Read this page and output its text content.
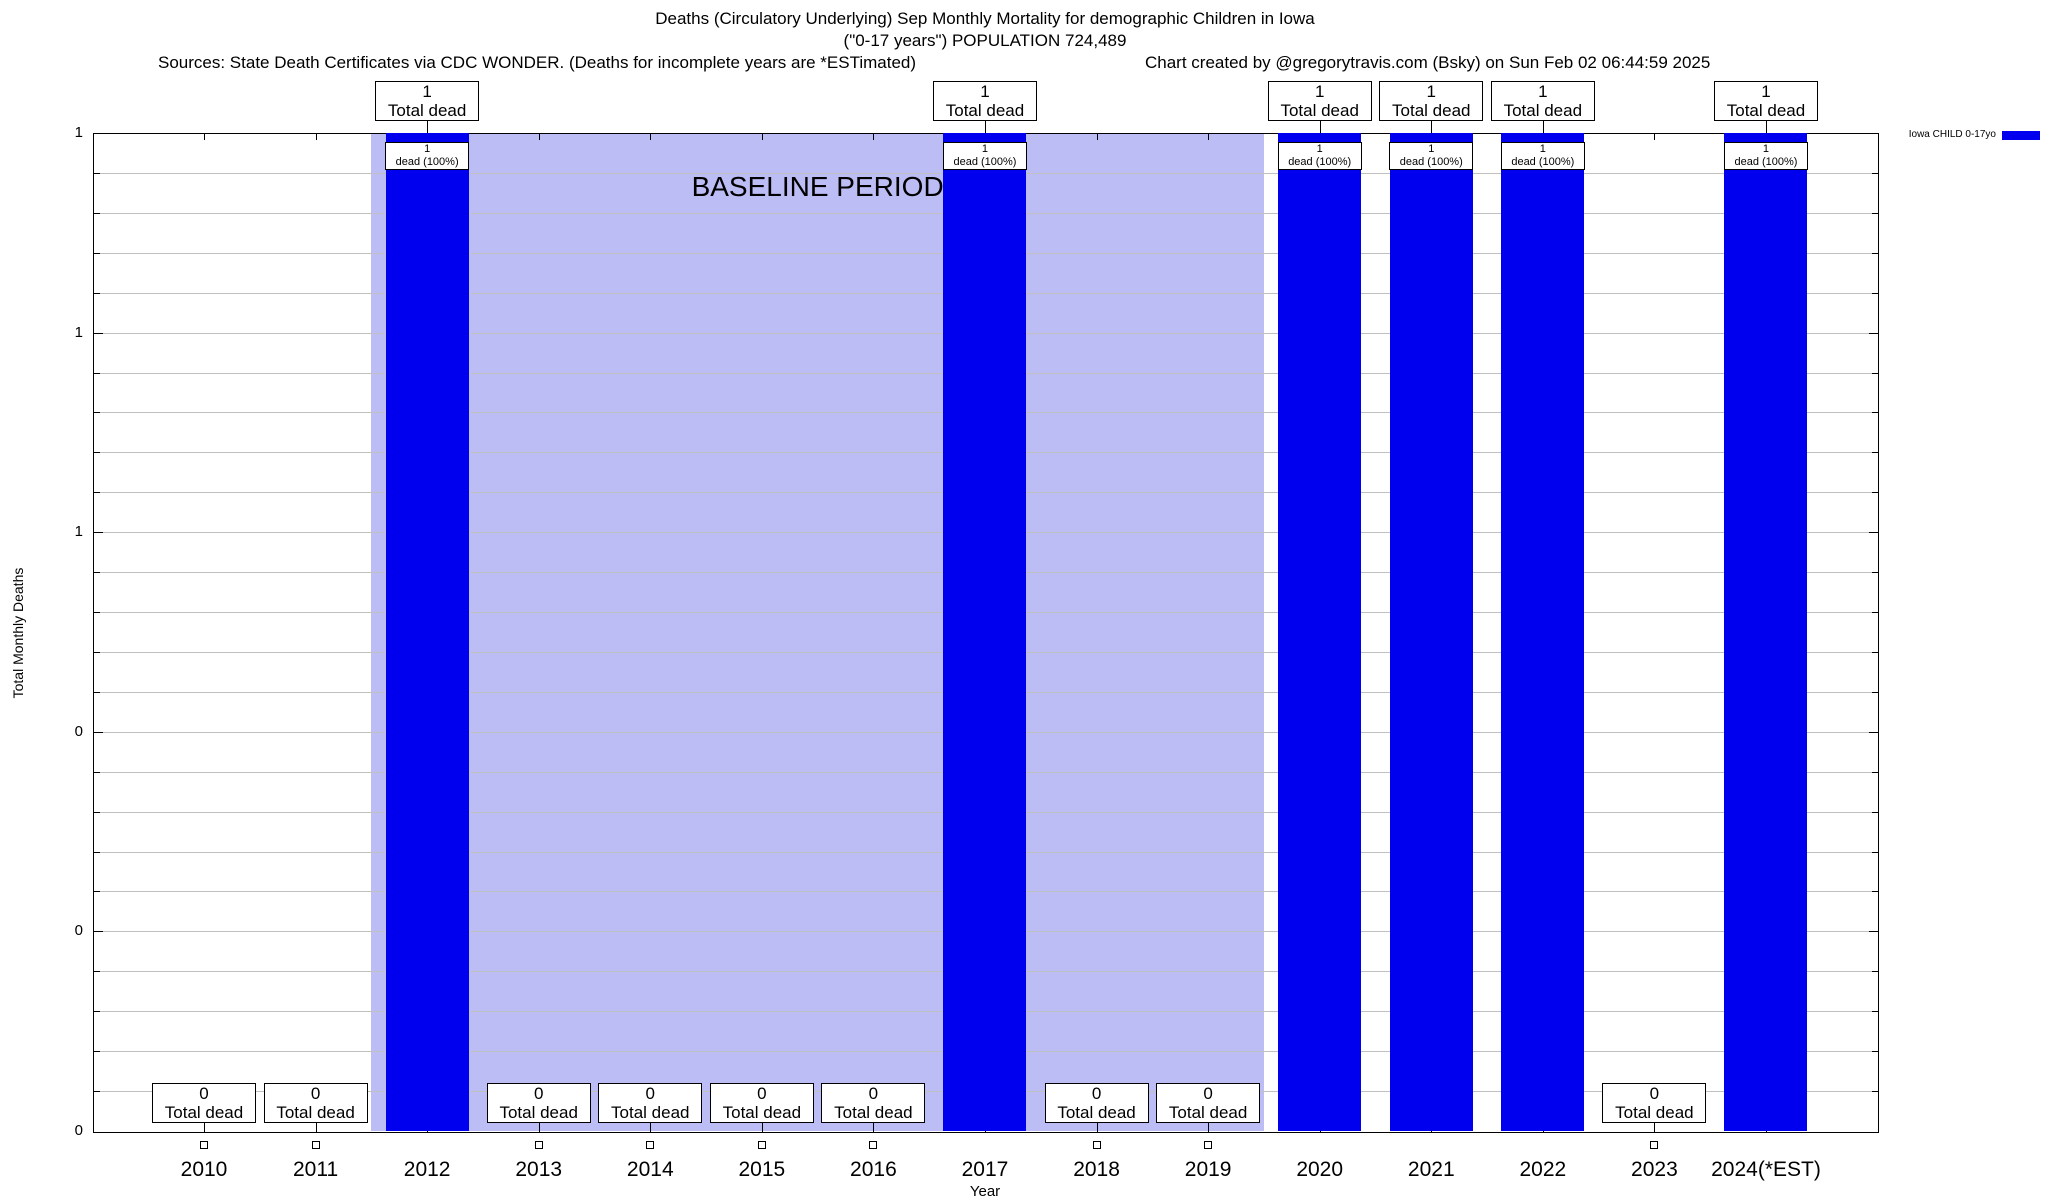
Deaths (Circulatory Underlying) Sep Monthly Mortality for demographic Children in Iowa
("0-17 years") POPULATION 724,489
Sources: State Death Certificates via CDC WONDER. (Deaths for incomplete years are *ESTimated)	Chart created by @gregorytravis.com (Bsky) on Sun Feb 02 06:44:59 2025
Total Monthly Deaths
Year
Iowa CHILD 0-17yo
1
1
1
0
0
0
0
Total dead
2010
0
Total dead
2011
1
dead (100%)
1
Total dead
2012
0
Total dead
2013
0
Total dead
2014
0
Total dead
2015
0
Total dead
2016
1
dead (100%)
1
Total dead
2017
0
Total dead
2018
0
Total dead
2019
1
dead (100%)
1
Total dead
2020
1
dead (100%)
1
Total dead
2021
1
dead (100%)
1
Total dead
2022
0
Total dead
2023
1
dead (100%)
1
Total dead
2024(*EST)
BASELINE PERIOD
